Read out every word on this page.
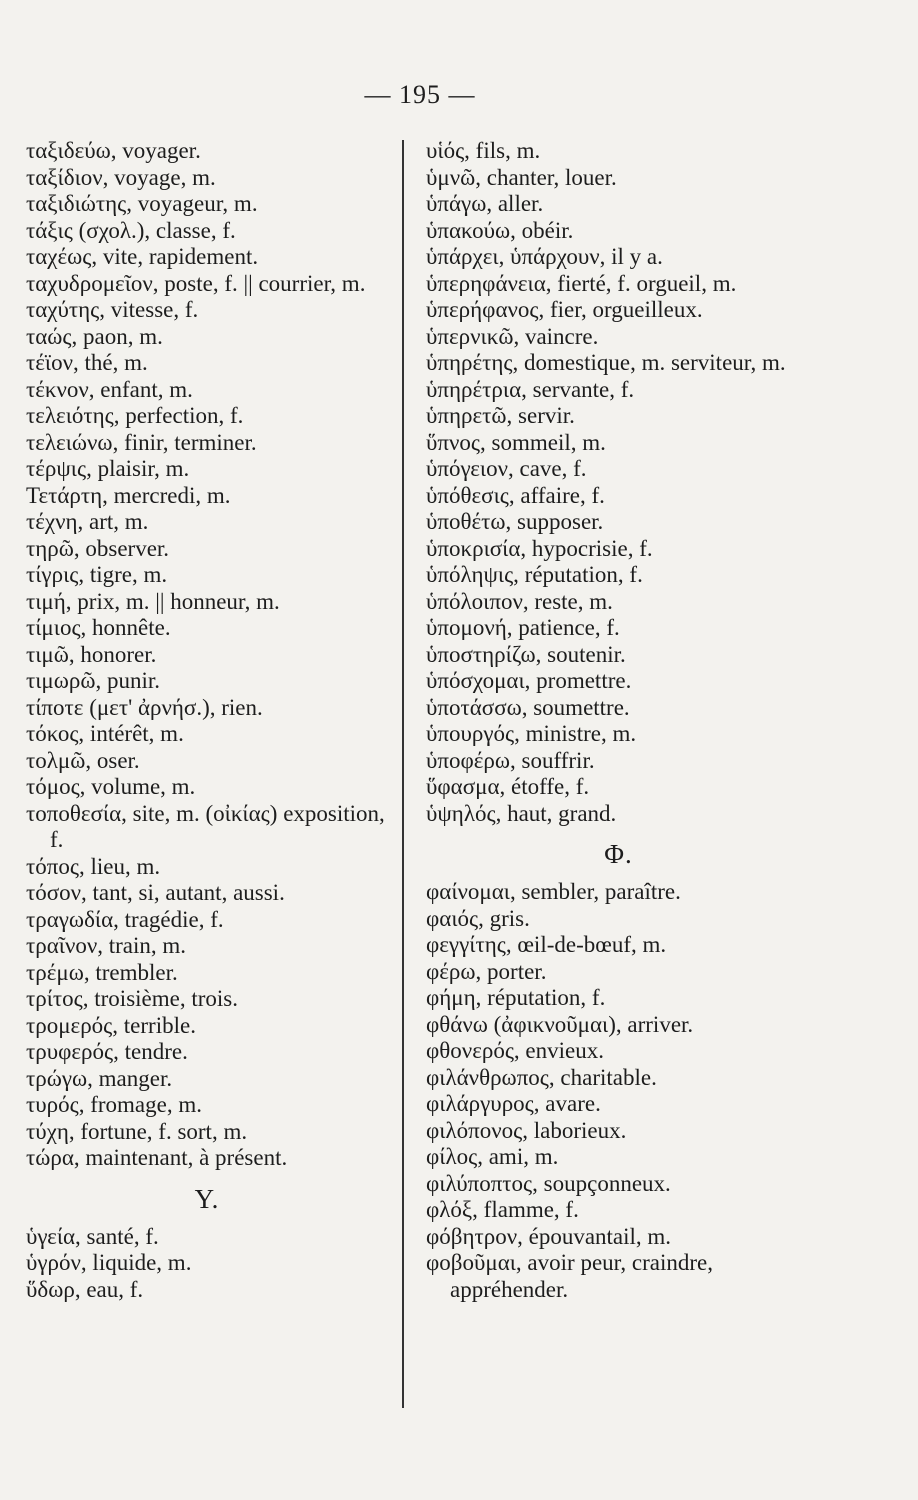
— 195 —
ταξιδεύω, voyager.
ταξίδιον, voyage, m.
ταξιδιώτης, voyageur, m.
τάξις (σχολ.), classe, f.
ταχέως, vite, rapidement.
ταχυδρομεῖον, poste, f. || courrier, m.
ταχύτης, vitesse, f.
ταώς, paon, m.
τέϊον, thé, m.
τέκνον, enfant, m.
τελειότης, perfection, f.
τελειώνω, finir, terminer.
τέρψις, plaisir, m.
Τετάρτη, mercredi, m.
τέχνη, art, m.
τηρῶ, observer.
τίγρις, tigre, m.
τιμή, prix, m. || honneur, m.
τίμιος, honnête.
τιμῶ, honorer.
τιμωρῶ, punir.
τίποτε (μετ' ἀρνήσ.), rien.
τόκος, intérêt, m.
τολμῶ, oser.
τόμος, volume, m.
τοποθεσία, site, m. (οἰκίας) exposition, f.
τόπος, lieu, m.
τόσον, tant, si, autant, aussi.
τραγωδία, tragédie, f.
τραῖνον, train, m.
τρέμω, trembler.
τρίτος, troisième, trois.
τρομερός, terrible.
τρυφερός, tendre.
τρώγω, manger.
τυρός, fromage, m.
τύχη, fortune, f. sort, m.
τώρα, maintenant, à présent.
Y.
ὑγεία, santé, f.
ὑγρόν, liquide, m.
ὕδωρ, eau, f.
υἱός, fils, m.
ὑμνῶ, chanter, louer.
ὑπάγω, aller.
ὑπακούω, obéir.
ὑπάρχει, ὑπάρχουν, il y a.
ὑπερηφάνεια, fierté, f. orgueil, m.
ὑπερήφανος, fier, orgueilleux.
ὑπερνικῶ, vaincre.
ὑπηρέτης, domestique, m. serviteur, m.
ὑπηρέτρια, servante, f.
ὑπηρετῶ, servir.
ὕπνος, sommeil, m.
ὑπόγειον, cave, f.
ὑπόθεσις, affaire, f.
ὑποθέτω, supposer.
ὑποκρισία, hypocrisie, f.
ὑπόληψις, réputation, f.
ὑπόλοιπον, reste, m.
ὑπομονή, patience, f.
ὑποστηρίζω, soutenir.
ὑπόσχομαι, promettre.
ὑποτάσσω, soumettre.
ὑπουργός, ministre, m.
ὑποφέρω, souffrir.
ὕφασμα, étoffe, f.
ὑψηλός, haut, grand.
Φ.
φαίνομαι, sembler, paraître.
φαιός, gris.
φεγγίτης, œil-de-bœuf, m.
φέρω, porter.
φήμη, réputation, f.
φθάνω (ἀφικνοῦμαι), arriver.
φθονερός, envieux.
φιλάνθρωπος, charitable.
φιλάργυρος, avare.
φιλόπονος, laborieux.
φίλος, ami, m.
φιλύποπτος, soupçonneux.
φλόξ, flamme, f.
φόβητρον, épouvantail, m.
φοβοῦμαι, avoir peur, craindre, appréhender.
